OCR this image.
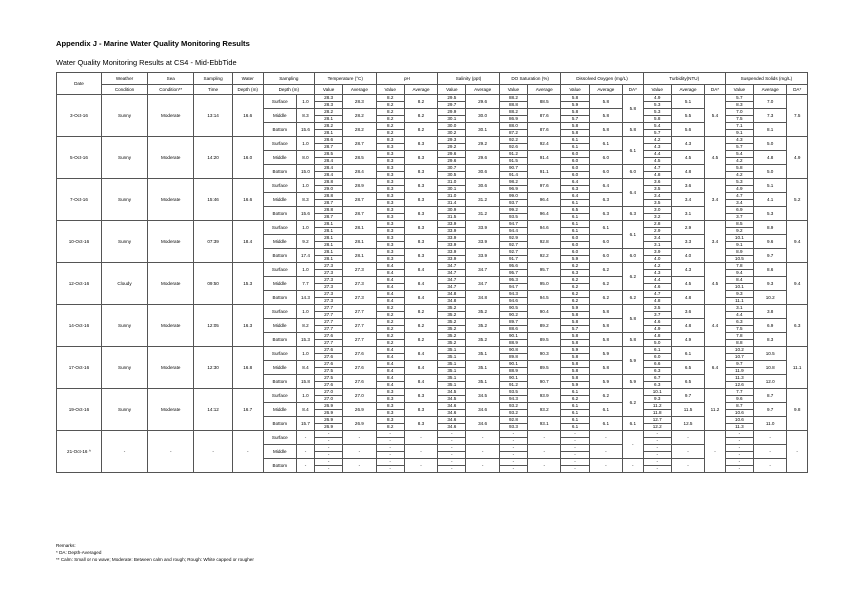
Appendix J - Marine Water Quality Monitoring Results
Water Quality Monitoring Results at CS4 - Mid-EbbTide
Date	Weather	Sea	Sampling	Water	Sampling		Temperature (°C)		pH		Salinity (ppt)		DO Saturation (%)		Dissolved Oxygen (mg/L)			Turbidity(NTU)			Suspended Solids (mg/L)		
	Condition	Condition**	Time	Depth (m)	Depth (m)		Value	Average	Value	Average	Value	Average	Value	Average	Value	Average	DA*	Value	Average	DA*	Value	Average	DA*
3-Oct-16	Sunny	Moderate	13:14	16.6	Surface	1.0	28.3	28.3	8.2	8.2	29.5	29.6	88.2	88.5	5.8	5.8	5.8	4.9	5.1	5.4	5.7	7.0	7.5
							28.3		8.2		29.7		88.8		5.9			5.3			8.3		
					Middle	8.3	28.2	28.2	8.2	8.2	29.9	30.0	88.2	87.6	5.8	5.8		5.3	5.5		7.0	7.3	
							28.1		8.2		30.1		86.9		5.7			5.8			7.5		
					Bottom	15.6	28.2	28.2	8.2	8.2	30.0	30.1	88.0	87.6	5.8	5.8	5.8	5.4	5.6		7.1	8.1	
							28.1		8.2		30.2		87.2		5.8			5.7			9.1		
5-Oct-16	Sunny	Moderate	14:20	16.0	Surface	1.0	28.6	28.7	8.3	8.3	29.3	29.2	92.2	92.4	6.1	6.1	6.1	4.2	4.3	4.5	4.3	5.0	4.9
							28.7		8.3		29.2		92.6		6.1			4.3			5.7		
					Middle	8.0	28.5	28.5	8.3	8.3	29.6	29.6	91.2	91.4	6.0	6.0		4.4	4.5		5.4	4.8	
							28.4		8.3		29.6		91.5		6.0			4.5			4.2		
					Bottom	15.0	28.4	28.4	8.3	8.3	30.7	30.6	90.7	91.1	6.0	6.0	6.0	4.7	4.8		5.8	5.0	
							28.4		8.3		30.5		91.4		6.0			4.8			4.2		
7-Oct-16	Sunny	Moderate	15:46	16.6	Surface	1.0	28.8	28.9	8.3	8.3	31.0	30.6	98.2	97.6	6.4	6.4	6.4	3.6	3.6	3.4	5.3	5.1	5.2
							29.0		8.3		30.1		96.9		6.3			3.5			4.9		
					Middle	8.3	28.8	28.7	8.3	8.3	31.0	31.2	99.0	96.4	6.4	6.3		3.4	3.4		4.7	4.1	
							28.7		8.3		31.4		93.7		6.1			3.5			3.4		
					Bottom	15.6	28.8	28.7	8.3	8.3	30.9	31.2	99.2	96.4	6.5	6.3	6.3	3.0	3.1		6.9	5.3	
							28.7		8.3		31.5		93.5		6.1			3.2			3.7		
10-Oct-16	Sunny	Moderate	07:39	18.4	Surface	1.0	28.1	28.1	8.3	8.3	33.9	33.9	94.7	94.6	6.1	6.1	6.1	2.8	2.9	3.4	8.5	8.9	9.4
							28.1		8.3		33.9		94.4		6.1			2.9			9.2		
					Middle	9.2	28.1	28.1	8.3	8.3	33.9	33.9	92.9	92.8	6.0	6.0		3.4	3.3		10.1	9.6	
							28.1		8.3		33.9		92.7		6.0			3.1			9.1		
					Bottom	17.4	28.1	28.1	8.3	8.3	33.9	33.9	92.7	92.2	6.0	6.0	6.0	3.9	4.0		8.9	9.7	
							28.1		8.3		33.9		91.7		5.9			4.0			10.5		
12-Oct-16	Cloudy	Moderate	09:50	15.3	Surface	1.0	27.3	27.3	8.4	8.4	34.7	34.7	95.6	95.7	6.2	6.2	6.2	4.2	4.3	4.5	7.8	8.6	9.4
							27.3		8.4		34.7		95.7		6.3			4.3			9.4		
					Middle	7.7	27.3	27.3	8.4	8.4	34.7	34.7	95.3	95.0	6.2	6.2		4.4	4.5		8.4	9.3	
							27.3		8.4		34.7		94.7		6.2			4.6			10.1		
					Bottom	14.3	27.3	27.3	8.4	8.4	34.8	34.8	94.3	94.5	6.2	6.2	6.2	4.7	4.8		9.3	10.2	
							27.3		8.4		34.8		94.6		6.2			4.8			11.1		
14-Oct-16	Sunny	Moderate	12:05	16.3	Surface	1.0	27.7	27.7	8.2	8.2	35.2	35.2	90.5	90.4	5.9	5.8	5.8	3.5	3.6	4.4	3.1	3.8	6.3
							27.7		8.2		35.2		90.2		5.8			3.7			4.4		
					Middle	8.2	27.7	27.7	8.2	8.2	35.2	35.2	89.7	89.2	5.8	5.8		4.6	4.8		6.3	6.9	
							27.7		8.2		35.2		88.6		5.7			4.9			7.5		
					Bottom	15.3	27.6	27.7	8.2	8.2	35.2	35.2	90.1	89.5	5.8	5.8	5.8	4.8	4.9		7.8	8.3	
							27.7		8.2		35.2		88.9		5.8			5.0			8.8		
17-Oct-16	Sunny	Moderate	12:30	16.8	Surface	1.0	27.6	27.6	8.4	8.4	35.1	35.1	90.8	90.3	5.9	5.9	5.9	6.1	6.1	6.4	10.2	10.5	11.1
							27.6		8.4		35.1		89.8		5.8			6.0			10.7		
					Middle	8.4	27.6	27.6	8.4	8.4	35.1	35.1	90.1	89.5	5.8	5.8		6.6	6.5		9.7	10.8	
							27.5		8.4		35.1		88.9		5.8			6.3			11.9		
					Bottom	15.8	27.5	27.6	8.4	8.4	35.1	35.1	90.1	90.7	5.8	5.9	5.9	6.7	6.5		11.3	12.0	
							27.6		8.4		35.1		91.2		5.9			6.3			12.6		
19-Oct-16	Sunny	Moderate	14:12	16.7	Surface	1.0	27.0	27.0	8.3	8.3	34.5	34.5	93.5	93.9	6.1	6.2	6.2	10.1	9.7	11.2	7.7	8.7	9.8
							27.0		8.3		34.5		94.3		6.2			9.3			9.6		
					Middle	8.4	26.9	26.9	8.3	8.3	34.6	34.6	93.2	93.2	6.1	6.1		11.2	11.5		8.7	9.7	
							26.9		8.3		34.6		93.2		6.1			11.8			10.6		
					Bottom	15.7	26.9	26.9	8.3	8.3	34.6	34.6	92.8	93.1	6.1	6.1	6.1	12.7	12.5		10.6	11.0	
							26.9		8.2		34.6		93.3		6.1			12.2			11.3		
21-Oct-16 ^	-	-	-	-	Surface	-	-	-	-	-	-	-	-	-	-	-	-	-	-	-	-	-	-
							-		-		-		-		-			-			-		
					Middle	-	-	-	-	-	-	-	-	-	-	-		-	-		-	-	
							-		-		-		-		-			-			-		
					Bottom	-	-	-	-	-	-	-	-	-	-	-	-	-	-		-	-	
							-		-		-		-		-			-			-		
Remarks:
* DA: Depth-Averaged
** Calm: Small or no wave; Moderate: Between calm and rough; Rough: White capped or rougher
